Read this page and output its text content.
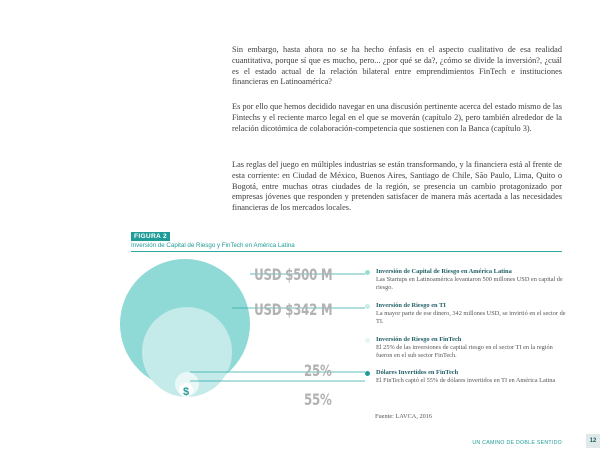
Sin embargo, hasta ahora no se ha hecho énfasis en el aspecto cualitativo de esa realidad cuantitativa, porque sí que es mucho, pero... ¿por qué se da?, ¿cómo se divide la inversión?, ¿cuál es el estado actual de la relación bilateral entre emprendimientos FinTech e instituciones financieras en Latinoamérica?

Es por ello que hemos decidido navegar en una discusión pertinente acerca del estado mismo de las Fintechs y el reciente marco legal en el que se moverán (capítulo 2), pero también alrededor de la relación dicotómica de colaboración-competencia que sostienen con la Banca (capítulo 3).

Las reglas del juego en múltiples industrias se están transformando, y la financiera está al frente de esta corriente: en Ciudad de México, Buenos Aires, Santiago de Chile, São Paulo, Lima, Quito o Bogotá, entre muchas otras ciudades de la región, se presencia un cambio protagonizado por empresas jóvenes que responden y pretenden satisfacer de manera más acertada a las necesidades financieras de los mercados locales.

FIGURA 2
Inversión de Capital de Riesgo y FinTech en América Latina
$
USD $500 M
USD $342 M
25%
55%
Inversión de Capital de Riesgo en América Latina
Las Startups en Latinoamérica levantaron 500 millones USD en capital de riesgo.
Inversión de Riesgo en TI
La mayor parte de ese dinero, 342 millones USD, se invirtió en el sector de TI.
Inversión de Riesgo en FinTech
El 25% de las inversiones de capital riesgo en el sector TI en la región fueron en el sub sector FinTech.
Dólares Invertidos en FinTech
El FinTech captó el 55% de dólares invertidos en TI en América Latina
Fuente: LAVCA, 2016
UN CAMINO DE DOBLE SENTIDO	12
